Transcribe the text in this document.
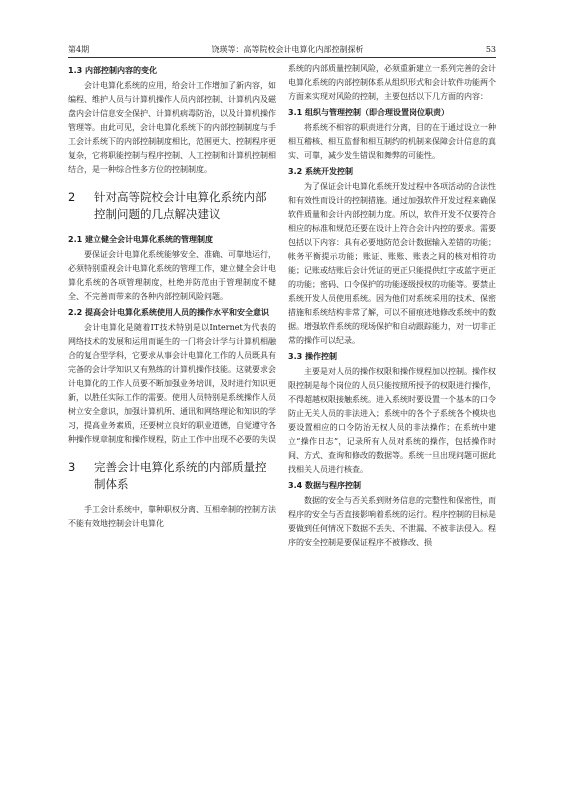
第4期	饶瑛等：高等院校会计电算化内部控制探析	53
1.3 内部控制内容的变化

会计电算化系统的应用，给会计工作增加了新内容，如编程、维护人员与计算机操作人员内部控制、计算机内及磁盘内会计信息安全保护、计算机病毒防治，以及计算机操作管理等。由此可见，会计电算化系统下的内部控制制度与手工会计系统下的内部控制制度相比，范围更大、控制程序更复杂，它将职能控制与程序控制、人工控制和计算机控制相结合，是一种综合性多方位的控制制度。

2	针对高等院校会计电算化系统内部控制问题的几点解决建议
2.1 建立健全会计电算化系统的管理制度

要保证会计电算化系统能够安全、准确、可靠地运行，必须特别重视会计电算化系统的管理工作，建立健全会计电算化系统的各项管理制度，杜绝并防范由于管理制度不健全、不完善而带来的各种内部控制风险问题。

2.2 提高会计电算化系统使用人员的操作水平和安全意识

会计电算化是随着IT技术特别是以Internet为代表的网络技术的发展和运用而诞生的一门将会计学与计算机相融合的复合型学科，它要求从事会计电算化工作的人员既具有完备的会计学知识又有熟练的计算机操作技能。这就要求会计电算化的工作人员要不断加强业务培训，及时进行知识更新，以胜任实际工作的需要。使用人员特别是系统操作人员树立安全意识，加强计算机所、通讯和网络理论和知识的学习，提高业务素质，还要树立良好的职业道德，自觉遵守各种操作规章制度和操作规程，防止工作中出现不必要的失误

3	完善会计电算化系统的内部质量控制体系

手工会计系统中，靠种职权分离、互相牵制的控制方法不能有效地控制会计电算化

系统的内部质量控制风险，必须重新建立一系列完善的会计电算化系统的内部控制体系从组织形式和会计软件功能两个方面来实现对风险的控制，主要包括以下几方面的内容：

3.1 组织与管理控制（即合理设置岗位职责）

将系统不相容的职责进行分离，目的在于通过设立一种相互稽核、相互监督和相互制约的机制来保障会计信息的真实、可靠，减少发生错误和舞弊的可能性。

3.2 系统开发控制

为了保证会计电算化系统开发过程中各项活动的合法性和有效性而设计的控制措施。通过加强软件开发过程来确保软件质量和会计内部控制力度。所以，软件开发不仅要符合相应的标准和规范还要在设计上符合会计内控的要求。需要包括以下内容：具有必要地防范会计数据输入差错的功能；帐务平衡提示功能；账证、账账、账表之间的核对相符功能；记账或结账后会计凭证的更正只能提供红字或蓝字更正的功能；密码、口令保护的功能逐级授权的功能等。要禁止系统开发人员使用系统。因为他们对系统采用的技术、保密措施和系统结构非常了解，可以不留痕迹地修改系统中的数据。增强软件系统的现场保护和自动跟踪能力，对一切非正常的操作可以纪录。

3.3 操作控制

主要是对人员的操作权限和操作规程加以控制。操作权限控制是每个岗位的人员只能按照所授予的权限进行操作，不得超越权限接触系统。进入系统时要设置一个基本的口令防止无关人员的非法进入；系统中的各个子系统各个模块也要设置相应的口令防治无权人员的非法操作；在系统中建立“操作日志”，记录所有人员对系统的操作，包括操作时间、方式、查询和修改的数据等。系统一旦出现问题可据此找相关人员进行核查。

3.4 数据与程序控制

数据的安全与否关系到财务信息的完整性和保密性，而程序的安全与否直接影响着系统的运行。程序控制的目标是要做到任何情况下数据不丢失、不泄漏、不被非法侵入。程序的安全控制是要保证程序不被修改、损
